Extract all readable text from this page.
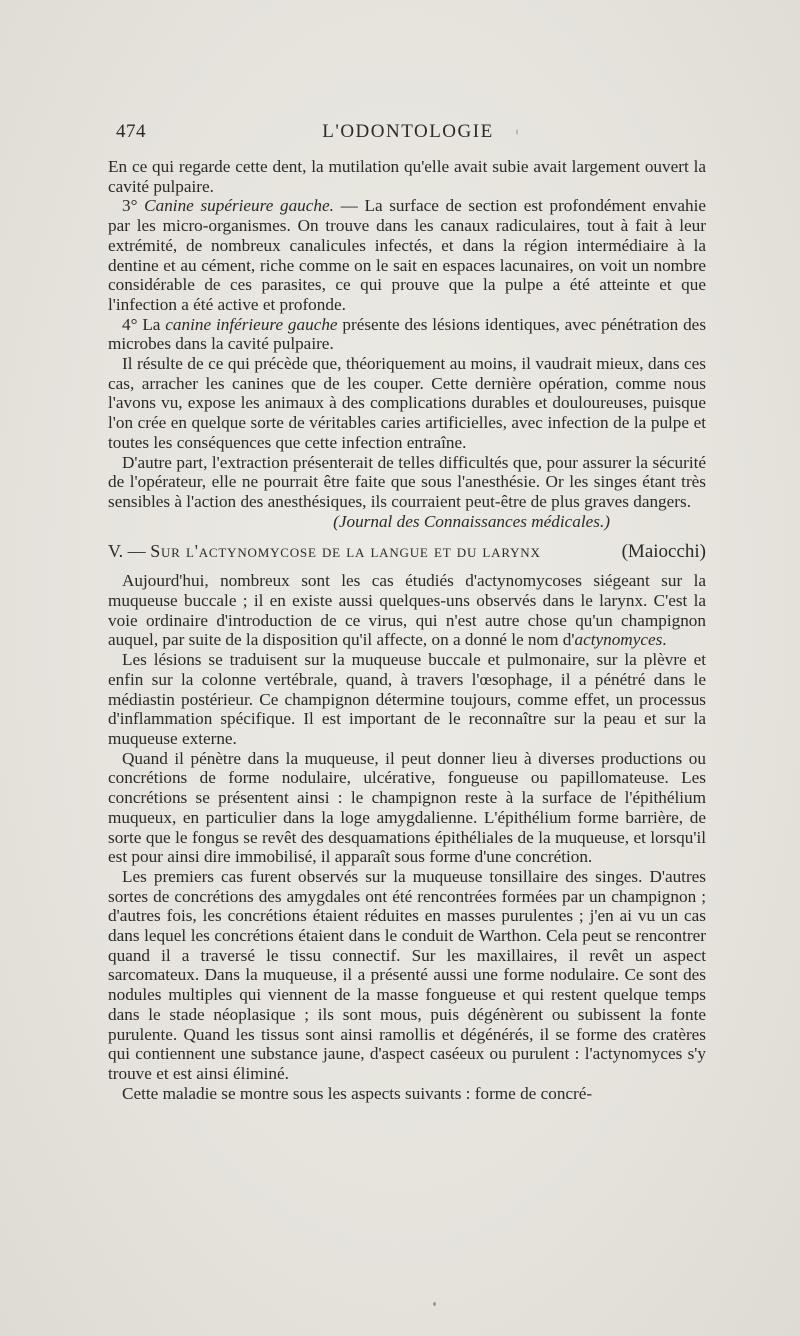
474	L'ODONTOLOGIE

En ce qui regarde cette dent, la mutilation qu'elle avait subie avait largement ouvert la cavité pulpaire.

3° Canine supérieure gauche. — La surface de section est profondément envahie par les micro-organismes. On trouve dans les canaux radiculaires, tout à fait à leur extrémité, de nombreux canalicules infectés, et dans la région intermédiaire à la dentine et au cément, riche comme on le sait en espaces lacunaires, on voit un nombre considérable de ces parasites, ce qui prouve que la pulpe a été atteinte et que l'infection a été active et profonde.

4° La canine inférieure gauche présente des lésions identiques, avec pénétration des microbes dans la cavité pulpaire.

Il résulte de ce qui précède que, théoriquement au moins, il vaudrait mieux, dans ces cas, arracher les canines que de les couper. Cette dernière opération, comme nous l'avons vu, expose les animaux à des complications durables et douloureuses, puisque l'on crée en quelque sorte de véritables caries artificielles, avec infection de la pulpe et toutes les conséquences que cette infection entraîne.

D'autre part, l'extraction présenterait de telles difficultés que, pour assurer la sécurité de l'opérateur, elle ne pourrait être faite que sous l'anesthésie. Or les singes étant très sensibles à l'action des anesthésiques, ils courraient peut-être de plus graves dangers.

(Journal des Connaissances médicales.)

V. — Sur l'actynomycose de la langue et du larynx	(Maiocchi)

Aujourd'hui, nombreux sont les cas étudiés d'actynomycoses siégeant sur la muqueuse buccale ; il en existe aussi quelques-uns observés dans le larynx. C'est la voie ordinaire d'introduction de ce virus, qui n'est autre chose qu'un champignon auquel, par suite de la disposition qu'il affecte, on a donné le nom d'actynomyces.

Les lésions se traduisent sur la muqueuse buccale et pulmonaire, sur la plèvre et enfin sur la colonne vertébrale, quand, à travers l'œsophage, il a pénétré dans le médiastin postérieur. Ce champignon détermine toujours, comme effet, un processus d'inflammation spécifique. Il est important de le reconnaître sur la peau et sur la muqueuse externe.

Quand il pénètre dans la muqueuse, il peut donner lieu à diverses productions ou concrétions de forme nodulaire, ulcérative, fongueuse ou papillomateuse. Les concrétions se présentent ainsi : le champignon reste à la surface de l'épithélium muqueux, en particulier dans la loge amygdalienne. L'épithélium forme barrière, de sorte que le fongus se revêt des desquamations épithéliales de la muqueuse, et lorsqu'il est pour ainsi dire immobilisé, il apparaît sous forme d'une concrétion.

Les premiers cas furent observés sur la muqueuse tonsillaire des singes. D'autres sortes de concrétions des amygdales ont été rencontrées formées par un champignon ; d'autres fois, les concrétions étaient réduites en masses purulentes ; j'en ai vu un cas dans lequel les concrétions étaient dans le conduit de Warthon. Cela peut se rencontrer quand il a traversé le tissu connectif. Sur les maxillaires, il revêt un aspect sarcomateux. Dans la muqueuse, il a présenté aussi une forme nodulaire. Ce sont des nodules multiples qui viennent de la masse fongueuse et qui restent quelque temps dans le stade néoplasique ; ils sont mous, puis dégénèrent ou subissent la fonte purulente. Quand les tissus sont ainsi ramollis et dégénérés, il se forme des cratères qui contiennent une substance jaune, d'aspect caséeux ou purulent : l'actynomyces s'y trouve et est ainsi éliminé.

Cette maladie se montre sous les aspects suivants : forme de concré-
